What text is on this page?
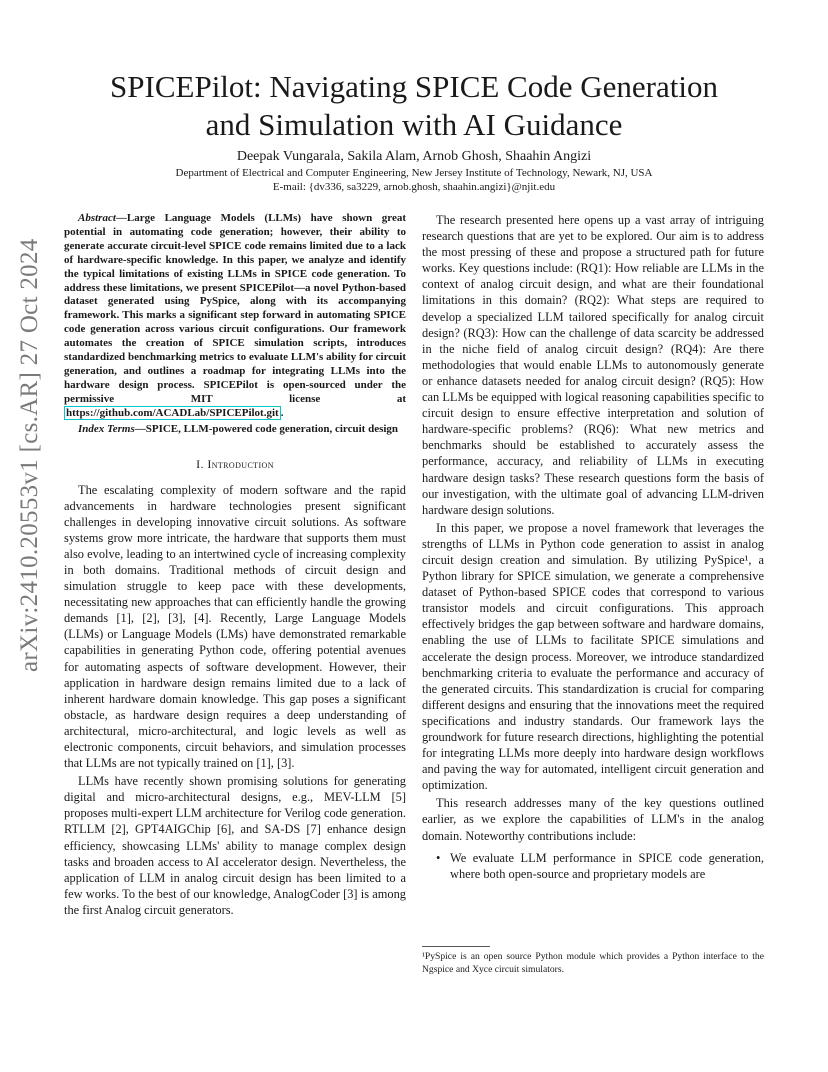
arXiv:2410.20553v1 [cs.AR] 27 Oct 2024
SPICEPilot: Navigating SPICE Code Generation
and Simulation with AI Guidance
Deepak Vungarala, Sakila Alam, Arnob Ghosh, Shaahin Angizi
Department of Electrical and Computer Engineering, New Jersey Institute of Technology, Newark, NJ, USA
E-mail: {dv336, sa3229, arnob.ghosh, shaahin.angizi}@njit.edu

Abstract—Large Language Models (LLMs) have shown great potential in automating code generation; however, their ability to generate accurate circuit-level SPICE code remains limited due to a lack of hardware-specific knowledge. In this paper, we analyze and identify the typical limitations of existing LLMs in SPICE code generation. To address these limitations, we present SPICEPilot—a novel Python-based dataset generated using PySpice, along with its accompanying framework. This marks a significant step forward in automating SPICE code generation across various circuit configurations. Our framework automates the creation of SPICE simulation scripts, introduces standardized benchmarking metrics to evaluate LLM's ability for circuit generation, and outlines a roadmap for integrating LLMs into the hardware design process. SPICEPilot is open-sourced under the permissive MIT license at https://github.com/ACADLab/SPICEPilot.git .

Index Terms—SPICE, LLM-powered code generation, circuit design

I. Introduction

The escalating complexity of modern software and the rapid advancements in hardware technologies present significant challenges in developing innovative circuit solutions. As software systems grow more intricate, the hardware that supports them must also evolve, leading to an intertwined cycle of increasing complexity in both domains. Traditional methods of circuit design and simulation struggle to keep pace with these developments, necessitating new approaches that can efficiently handle the growing demands [1], [2], [3], [4]. Recently, Large Language Models (LLMs) or Language Models (LMs) have demonstrated remarkable capabilities in generating Python code, offering potential avenues for automating aspects of software development. However, their application in hardware design remains limited due to a lack of inherent hardware domain knowledge. This gap poses a significant obstacle, as hardware design requires a deep understanding of architectural, micro-architectural, and logic levels as well as electronic components, circuit behaviors, and simulation processes that LLMs are not typically trained on [1], [3].

LLMs have recently shown promising solutions for generating digital and micro-architectural designs, e.g., MEV-LLM [5] proposes multi-expert LLM architecture for Verilog code generation. RTLLM [2], GPT4AIGChip [6], and SA-DS [7] enhance design efficiency, showcasing LLMs' ability to manage complex design tasks and broaden access to AI accelerator design. Nevertheless, the application of LLM in analog circuit design has been limited to a few works. To the best of our knowledge, AnalogCoder [3] is among the first Analog circuit generators.

The research presented here opens up a vast array of intriguing research questions that are yet to be explored. Our aim is to address the most pressing of these and propose a structured path for future works. Key questions include: (RQ1): How reliable are LLMs in the context of analog circuit design, and what are their foundational limitations in this domain? (RQ2): What steps are required to develop a specialized LLM tailored specifically for analog circuit design? (RQ3): How can the challenge of data scarcity be addressed in the niche field of analog circuit design? (RQ4): Are there methodologies that would enable LLMs to autonomously generate or enhance datasets needed for analog circuit design? (RQ5): How can LLMs be equipped with logical reasoning capabilities specific to circuit design to ensure effective interpretation and solution of hardware-specific problems? (RQ6): What new metrics and benchmarks should be established to accurately assess the performance, accuracy, and reliability of LLMs in executing hardware design tasks? These research questions form the basis of our investigation, with the ultimate goal of advancing LLM-driven hardware design solutions.

In this paper, we propose a novel framework that leverages the strengths of LLMs in Python code generation to assist in analog circuit design creation and simulation. By utilizing PySpice¹, a Python library for SPICE simulation, we generate a comprehensive dataset of Python-based SPICE codes that correspond to various transistor models and circuit configurations. This approach effectively bridges the gap between software and hardware domains, enabling the use of LLMs to facilitate SPICE simulations and accelerate the design process. Moreover, we introduce standardized benchmarking criteria to evaluate the performance and accuracy of the generated circuits. This standardization is crucial for comparing different designs and ensuring that the innovations meet the required specifications and industry standards. Our framework lays the groundwork for future research directions, highlighting the potential for integrating LLMs more deeply into hardware design workflows and paving the way for automated, intelligent circuit generation and optimization.

This research addresses many of the key questions outlined earlier, as we explore the capabilities of LLM's in the analog domain. Noteworthy contributions include:

• We evaluate LLM performance in SPICE code generation, where both open-source and proprietary models are
¹PySpice is an open source Python module which provides a Python interface to the Ngspice and Xyce circuit simulators.
